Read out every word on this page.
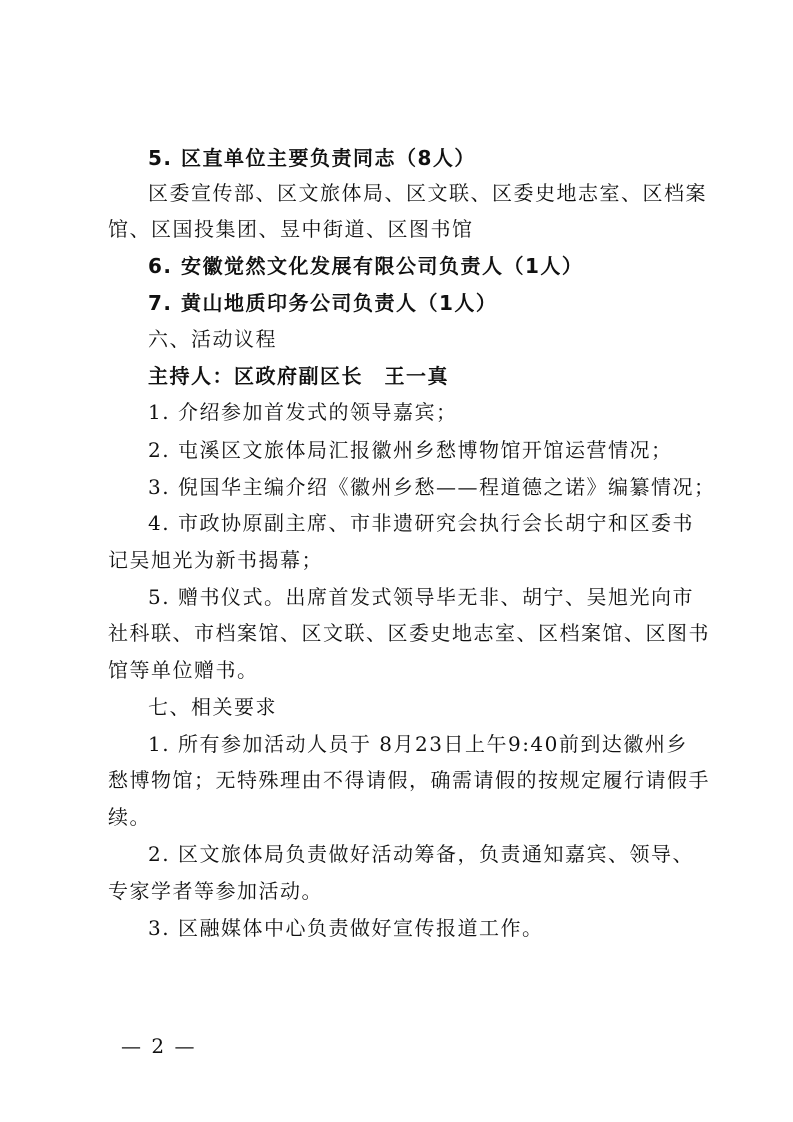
5. 区直单位主要负责同志（8人）
区委宣传部、区文旅体局、区文联、区委史地志室、区档案
馆、区国投集团、昱中街道、区图书馆
6. 安徽觉然文化发展有限公司负责人（1人）
7. 黄山地质印务公司负责人（1人）
六、活动议程
主持人：区政府副区长　王一真
1. 介绍参加首发式的领导嘉宾；
2. 屯溪区文旅体局汇报徽州乡愁博物馆开馆运营情况；
3. 倪国华主编介绍《徽州乡愁——程道德之诺》编纂情况；
4. 市政协原副主席、市非遗研究会执行会长胡宁和区委书
记吴旭光为新书揭幕；
5. 赠书仪式。出席首发式领导毕无非、胡宁、吴旭光向市
社科联、市档案馆、区文联、区委史地志室、区档案馆、区图书
馆等单位赠书。
七、相关要求
1. 所有参加活动人员于 8月23日上午9:40前到达徽州乡
愁博物馆；无特殊理由不得请假，确需请假的按规定履行请假手
续。
2. 区文旅体局负责做好活动筹备，负责通知嘉宾、领导、
专家学者等参加活动。
3. 区融媒体中心负责做好宣传报道工作。
— 2 —
